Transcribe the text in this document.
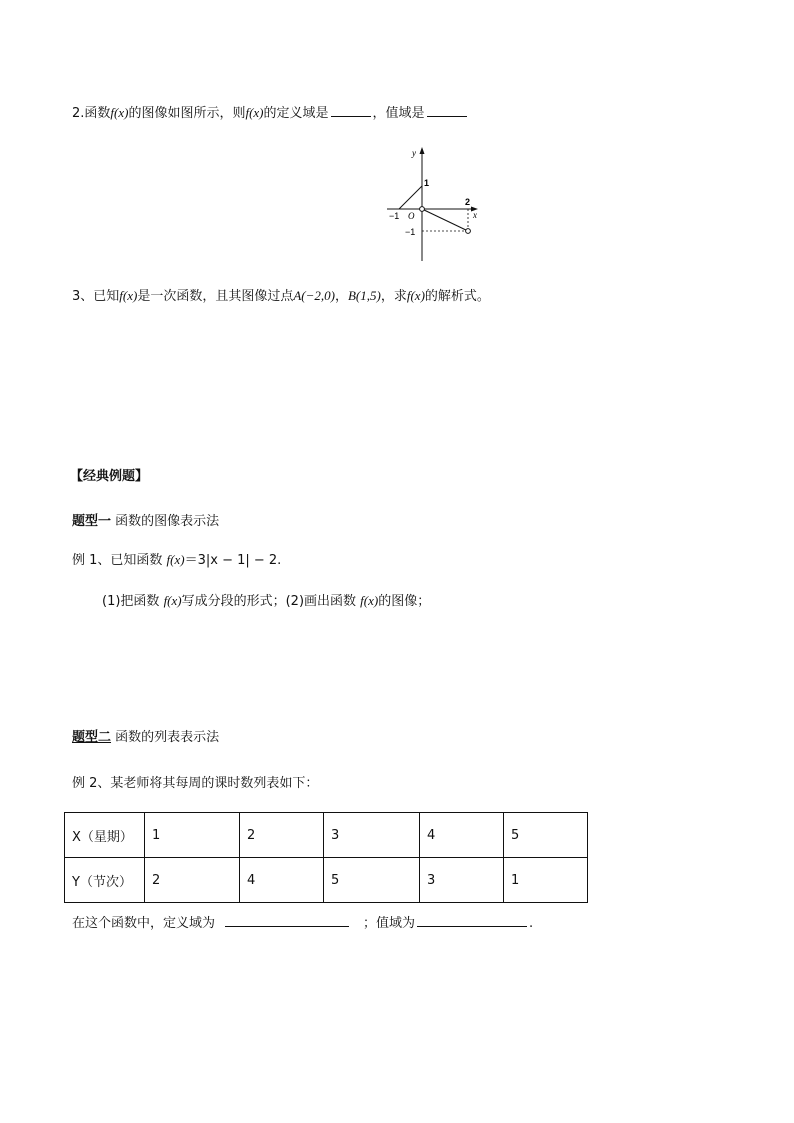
2.函数f(x)的图像如图所示，则f(x)的定义域是	，值域是
y
x
O
1
−1
−1
2
3、已知f(x)是一次函数，且其图像过点A(−2,0)，B(1,5)，求f(x)的解析式。
【经典例题】
题型一 函数的图像表示法
例 1、已知函数 f(x)＝3|x − 1| − 2.
(1)把函数 f(x)写成分段的形式；(2)画出函数 f(x)的图像；
题型二 函数的列表表示法
例 2、某老师将其每周的课时数列表如下：
X（星期）	1	2	3	4	5
Y（节次）	2	4	5	3	1
在这个函数中，定义域为	；值域为	.
